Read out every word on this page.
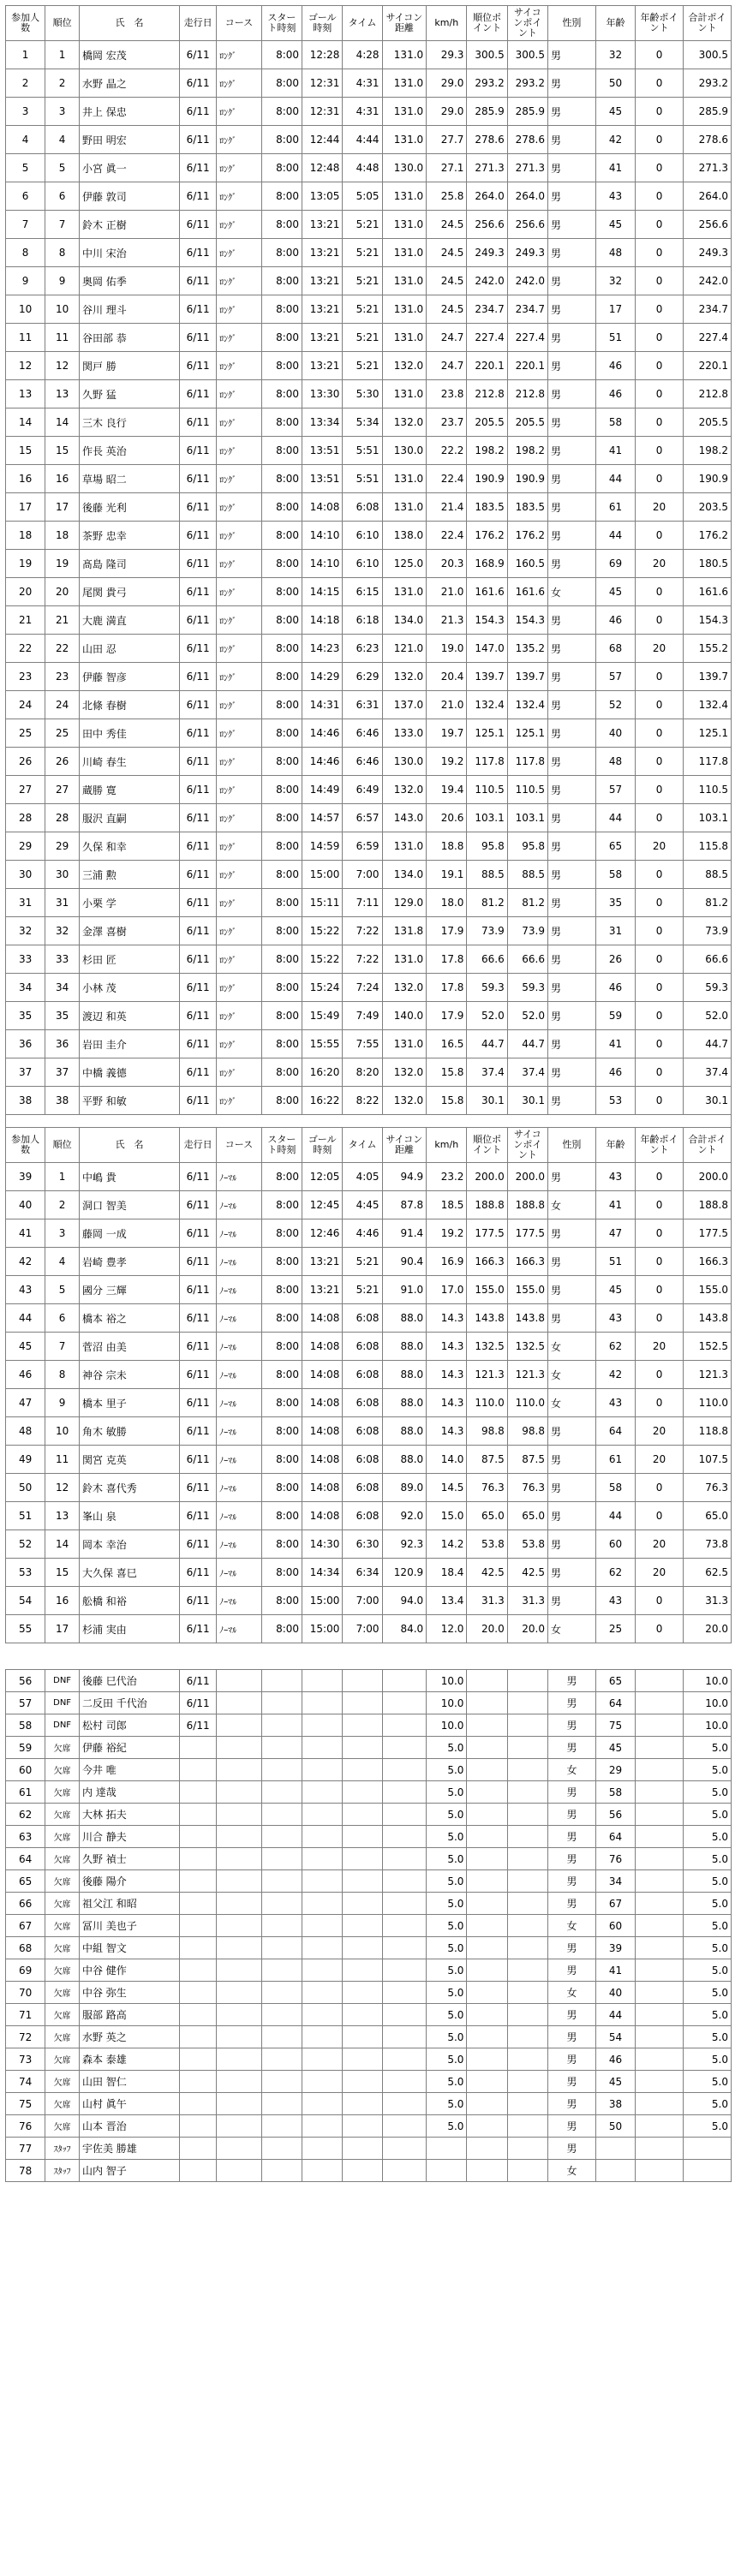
参加人数	順位	氏　名	走行日	コース	スタート時刻	ゴール時刻	タイム	サイコン距離	km/h	順位ポイント	サイコンポイント	性別	年齢	年齢ポイント	合計ポイント
1	1	橋岡 宏茂	6/11	ﾛﾝｸﾞ	8:00	12:28	4:28	131.0	29.3	300.5	300.5	男	32	0	300.5
2	2	水野 晶之	6/11	ﾛﾝｸﾞ	8:00	12:31	4:31	131.0	29.0	293.2	293.2	男	50	0	293.2
3	3	井上 保忠	6/11	ﾛﾝｸﾞ	8:00	12:31	4:31	131.0	29.0	285.9	285.9	男	45	0	285.9
4	4	野田 明宏	6/11	ﾛﾝｸﾞ	8:00	12:44	4:44	131.0	27.7	278.6	278.6	男	42	0	278.6
5	5	小宮 眞一	6/11	ﾛﾝｸﾞ	8:00	12:48	4:48	130.0	27.1	271.3	271.3	男	41	0	271.3
6	6	伊藤 敦司	6/11	ﾛﾝｸﾞ	8:00	13:05	5:05	131.0	25.8	264.0	264.0	男	43	0	264.0
7	7	鈴木 正樹	6/11	ﾛﾝｸﾞ	8:00	13:21	5:21	131.0	24.5	256.6	256.6	男	45	0	256.6
8	8	中川 宋治	6/11	ﾛﾝｸﾞ	8:00	13:21	5:21	131.0	24.5	249.3	249.3	男	48	0	249.3
9	9	奥岡 佑季	6/11	ﾛﾝｸﾞ	8:00	13:21	5:21	131.0	24.5	242.0	242.0	男	32	0	242.0
10	10	谷川 理斗	6/11	ﾛﾝｸﾞ	8:00	13:21	5:21	131.0	24.5	234.7	234.7	男	17	0	234.7
11	11	谷田部 恭	6/11	ﾛﾝｸﾞ	8:00	13:21	5:21	131.0	24.7	227.4	227.4	男	51	0	227.4
12	12	関戸 勝	6/11	ﾛﾝｸﾞ	8:00	13:21	5:21	132.0	24.7	220.1	220.1	男	46	0	220.1
13	13	久野 猛	6/11	ﾛﾝｸﾞ	8:00	13:30	5:30	131.0	23.8	212.8	212.8	男	46	0	212.8
14	14	三木 良行	6/11	ﾛﾝｸﾞ	8:00	13:34	5:34	132.0	23.7	205.5	205.5	男	58	0	205.5
15	15	作長 英治	6/11	ﾛﾝｸﾞ	8:00	13:51	5:51	130.0	22.2	198.2	198.2	男	41	0	198.2
16	16	草場 昭二	6/11	ﾛﾝｸﾞ	8:00	13:51	5:51	131.0	22.4	190.9	190.9	男	44	0	190.9
17	17	後藤 光利	6/11	ﾛﾝｸﾞ	8:00	14:08	6:08	131.0	21.4	183.5	183.5	男	61	20	203.5
18	18	茶野 忠幸	6/11	ﾛﾝｸﾞ	8:00	14:10	6:10	138.0	22.4	176.2	176.2	男	44	0	176.2
19	19	髙島 隆司	6/11	ﾛﾝｸﾞ	8:00	14:10	6:10	125.0	20.3	168.9	160.5	男	69	20	180.5
20	20	尾関 貴弓	6/11	ﾛﾝｸﾞ	8:00	14:15	6:15	131.0	21.0	161.6	161.6	女	45	0	161.6
21	21	大鹿 満直	6/11	ﾛﾝｸﾞ	8:00	14:18	6:18	134.0	21.3	154.3	154.3	男	46	0	154.3
22	22	山田 忍	6/11	ﾛﾝｸﾞ	8:00	14:23	6:23	121.0	19.0	147.0	135.2	男	68	20	155.2
23	23	伊藤 智彦	6/11	ﾛﾝｸﾞ	8:00	14:29	6:29	132.0	20.4	139.7	139.7	男	57	0	139.7
24	24	北條 春樹	6/11	ﾛﾝｸﾞ	8:00	14:31	6:31	137.0	21.0	132.4	132.4	男	52	0	132.4
25	25	田中 秀佳	6/11	ﾛﾝｸﾞ	8:00	14:46	6:46	133.0	19.7	125.1	125.1	男	40	0	125.1
26	26	川崎 春生	6/11	ﾛﾝｸﾞ	8:00	14:46	6:46	130.0	19.2	117.8	117.8	男	48	0	117.8
27	27	蔵勝 寛	6/11	ﾛﾝｸﾞ	8:00	14:49	6:49	132.0	19.4	110.5	110.5	男	57	0	110.5
28	28	服沢 直嗣	6/11	ﾛﾝｸﾞ	8:00	14:57	6:57	143.0	20.6	103.1	103.1	男	44	0	103.1
29	29	久保 和幸	6/11	ﾛﾝｸﾞ	8:00	14:59	6:59	131.0	18.8	95.8	95.8	男	65	20	115.8
30	30	三浦 勲	6/11	ﾛﾝｸﾞ	8:00	15:00	7:00	134.0	19.1	88.5	88.5	男	58	0	88.5
31	31	小栗 学	6/11	ﾛﾝｸﾞ	8:00	15:11	7:11	129.0	18.0	81.2	81.2	男	35	0	81.2
32	32	金澤 喜樹	6/11	ﾛﾝｸﾞ	8:00	15:22	7:22	131.8	17.9	73.9	73.9	男	31	0	73.9
33	33	杉田 匠	6/11	ﾛﾝｸﾞ	8:00	15:22	7:22	131.0	17.8	66.6	66.6	男	26	0	66.6
34	34	小林 茂	6/11	ﾛﾝｸﾞ	8:00	15:24	7:24	132.0	17.8	59.3	59.3	男	46	0	59.3
35	35	渡辺 和英	6/11	ﾛﾝｸﾞ	8:00	15:49	7:49	140.0	17.9	52.0	52.0	男	59	0	52.0
36	36	岩田 圭介	6/11	ﾛﾝｸﾞ	8:00	15:55	7:55	131.0	16.5	44.7	44.7	男	41	0	44.7
37	37	中橋 義德	6/11	ﾛﾝｸﾞ	8:00	16:20	8:20	132.0	15.8	37.4	37.4	男	46	0	37.4
38	38	平野 和敏	6/11	ﾛﾝｸﾞ	8:00	16:22	8:22	132.0	15.8	30.1	30.1	男	53	0	30.1

参加人数	順位	氏　名	走行日	コース	スタート時刻	ゴール時刻	タイム	サイコン距離	km/h	順位ポイント	サイコンポイント	性別	年齢	年齢ポイント	合計ポイント
39	1	中嶋 貴	6/11	ﾉｰﾏﾙ	8:00	12:05	4:05	94.9	23.2	200.0	200.0	男	43	0	200.0
40	2	洞口 智美	6/11	ﾉｰﾏﾙ	8:00	12:45	4:45	87.8	18.5	188.8	188.8	女	41	0	188.8
41	3	藤岡 一成	6/11	ﾉｰﾏﾙ	8:00	12:46	4:46	91.4	19.2	177.5	177.5	男	47	0	177.5
42	4	岩崎 豊孝	6/11	ﾉｰﾏﾙ	8:00	13:21	5:21	90.4	16.9	166.3	166.3	男	51	0	166.3
43	5	國分 三輝	6/11	ﾉｰﾏﾙ	8:00	13:21	5:21	91.0	17.0	155.0	155.0	男	45	0	155.0
44	6	橋本 裕之	6/11	ﾉｰﾏﾙ	8:00	14:08	6:08	88.0	14.3	143.8	143.8	男	43	0	143.8
45	7	菅沼 由美	6/11	ﾉｰﾏﾙ	8:00	14:08	6:08	88.0	14.3	132.5	132.5	女	62	20	152.5
46	8	神谷 宗未	6/11	ﾉｰﾏﾙ	8:00	14:08	6:08	88.0	14.3	121.3	121.3	女	42	0	121.3
47	9	橋本 里子	6/11	ﾉｰﾏﾙ	8:00	14:08	6:08	88.0	14.3	110.0	110.0	女	43	0	110.0
48	10	角木 敏勝	6/11	ﾉｰﾏﾙ	8:00	14:08	6:08	88.0	14.3	98.8	98.8	男	64	20	118.8
49	11	関宮 克英	6/11	ﾉｰﾏﾙ	8:00	14:08	6:08	88.0	14.0	87.5	87.5	男	61	20	107.5
50	12	鈴木 喜代秀	6/11	ﾉｰﾏﾙ	8:00	14:08	6:08	89.0	14.5	76.3	76.3	男	58	0	76.3
51	13	峯山 泉	6/11	ﾉｰﾏﾙ	8:00	14:08	6:08	92.0	15.0	65.0	65.0	男	44	0	65.0
52	14	岡本 幸治	6/11	ﾉｰﾏﾙ	8:00	14:30	6:30	92.3	14.2	53.8	53.8	男	60	20	73.8
53	15	大久保 喜巳	6/11	ﾉｰﾏﾙ	8:00	14:34	6:34	120.9	18.4	42.5	42.5	男	62	20	62.5
54	16	舩橋 和裕	6/11	ﾉｰﾏﾙ	8:00	15:00	7:00	94.0	13.4	31.3	31.3	男	43	0	31.3
55	17	杉浦 実由	6/11	ﾉｰﾏﾙ	8:00	15:00	7:00	84.0	12.0	20.0	20.0	女	25	0	20.0

56	DNF	後藤 巳代治	6/11						10.0			男	65		10.0
57	DNF	二反田 千代治	6/11						10.0			男	64		10.0
58	DNF	松村 司郎	6/11						10.0			男	75		10.0
59	欠席	伊藤 裕紀							5.0			男	45		5.0
60	欠席	今井 唯							5.0			女	29		5.0
61	欠席	内 達哉							5.0			男	58		5.0
62	欠席	大林 拓夫							5.0			男	56		5.0
63	欠席	川合 静夫							5.0			男	64		5.0
64	欠席	久野 禎士							5.0			男	76		5.0
65	欠席	後藤 陽介							5.0			男	34		5.0
66	欠席	祖父江 和昭							5.0			男	67		5.0
67	欠席	冨川 美也子							5.0			女	60		5.0
68	欠席	中組 智文							5.0			男	39		5.0
69	欠席	中谷 健作							5.0			男	41		5.0
70	欠席	中谷 弥生							5.0			女	40		5.0
71	欠席	服部 路高							5.0			男	44		5.0
72	欠席	水野 英之							5.0			男	54		5.0
73	欠席	森本 泰雄							5.0			男	46		5.0
74	欠席	山田 智仁							5.0			男	45		5.0
75	欠席	山村 眞午							5.0			男	38		5.0
76	欠席	山本 晋治							5.0			男	50		5.0
77	ｽﾀｯﾌ	宇佐美 勝雄										男			
78	ｽﾀｯﾌ	山内 智子										女			
